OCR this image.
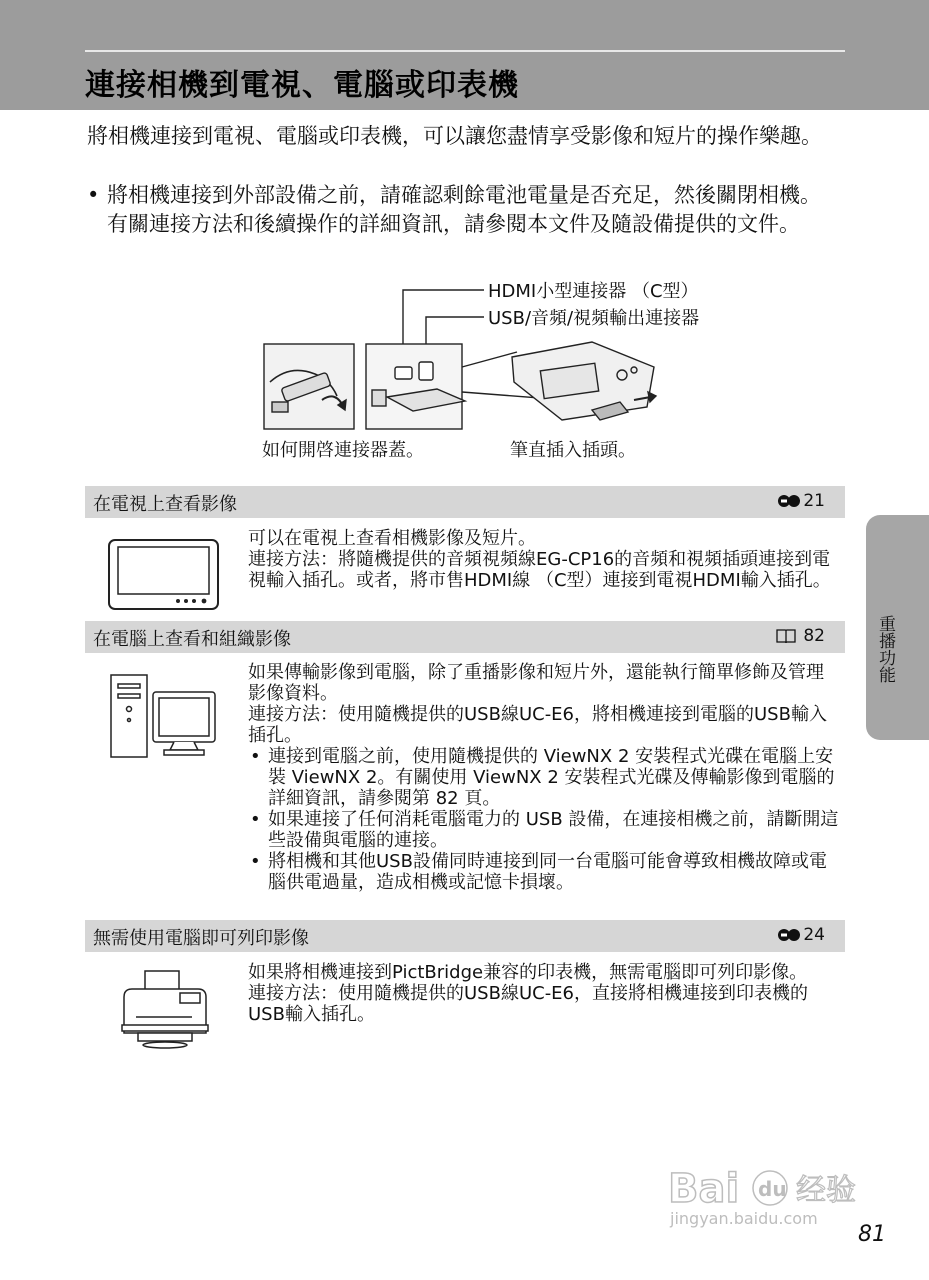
連接相機到電視、電腦或印表機
將相機連接到電視、電腦或印表機，可以讓您盡情享受影像和短片的操作樂趣。
• 將相機連接到外部設備之前，請確認剩餘電池電量是否充足，然後關閉相機。有關連接方法和後續操作的詳細資訊，請參閱本文件及隨設備提供的文件。
HDMI小型連接器 （C型）
USB/音頻/視頻輸出連接器
如何開啓連接器蓋。	筆直插入插頭。
在電視上查看影像	21

可以在電視上查看相機影像及短片。

連接方法：將隨機提供的音頻視頻線EG-CP16的音頻和視頻插頭連接到電視輸入插孔。或者，將市售HDMI線 （C型）連接到電視HDMI輸入插孔。

在電腦上查看和組織影像	82

如果傳輸影像到電腦，除了重播影像和短片外，還能執行簡單修飾及管理影像資料。

連接方法：使用隨機提供的USB線UC-E6，將相機連接到電腦的USB輸入插孔。

• 連接到電腦之前，使用隨機提供的 ViewNX 2 安裝程式光碟在電腦上安裝 ViewNX 2。有關使用 ViewNX 2 安裝程式光碟及傳輸影像到電腦的詳細資訊，請參閱第 82 頁。
• 如果連接了任何消耗電腦電力的 USB 設備，在連接相機之前，請斷開這些設備與電腦的連接。
• 將相機和其他USB設備同時連接到同一台電腦可能會導致相機故障或電腦供電過量，造成相機或記憶卡損壞。
無需使用電腦即可列印影像	24

如果將相機連接到PictBridge兼容的印表機，無需電腦即可列印影像。

連接方法：使用隨機提供的USB線UC-E6，直接將相機連接到印表機的USB輸入插孔。

重播功能
Bai du 经验
jingyan.baidu.com
81
